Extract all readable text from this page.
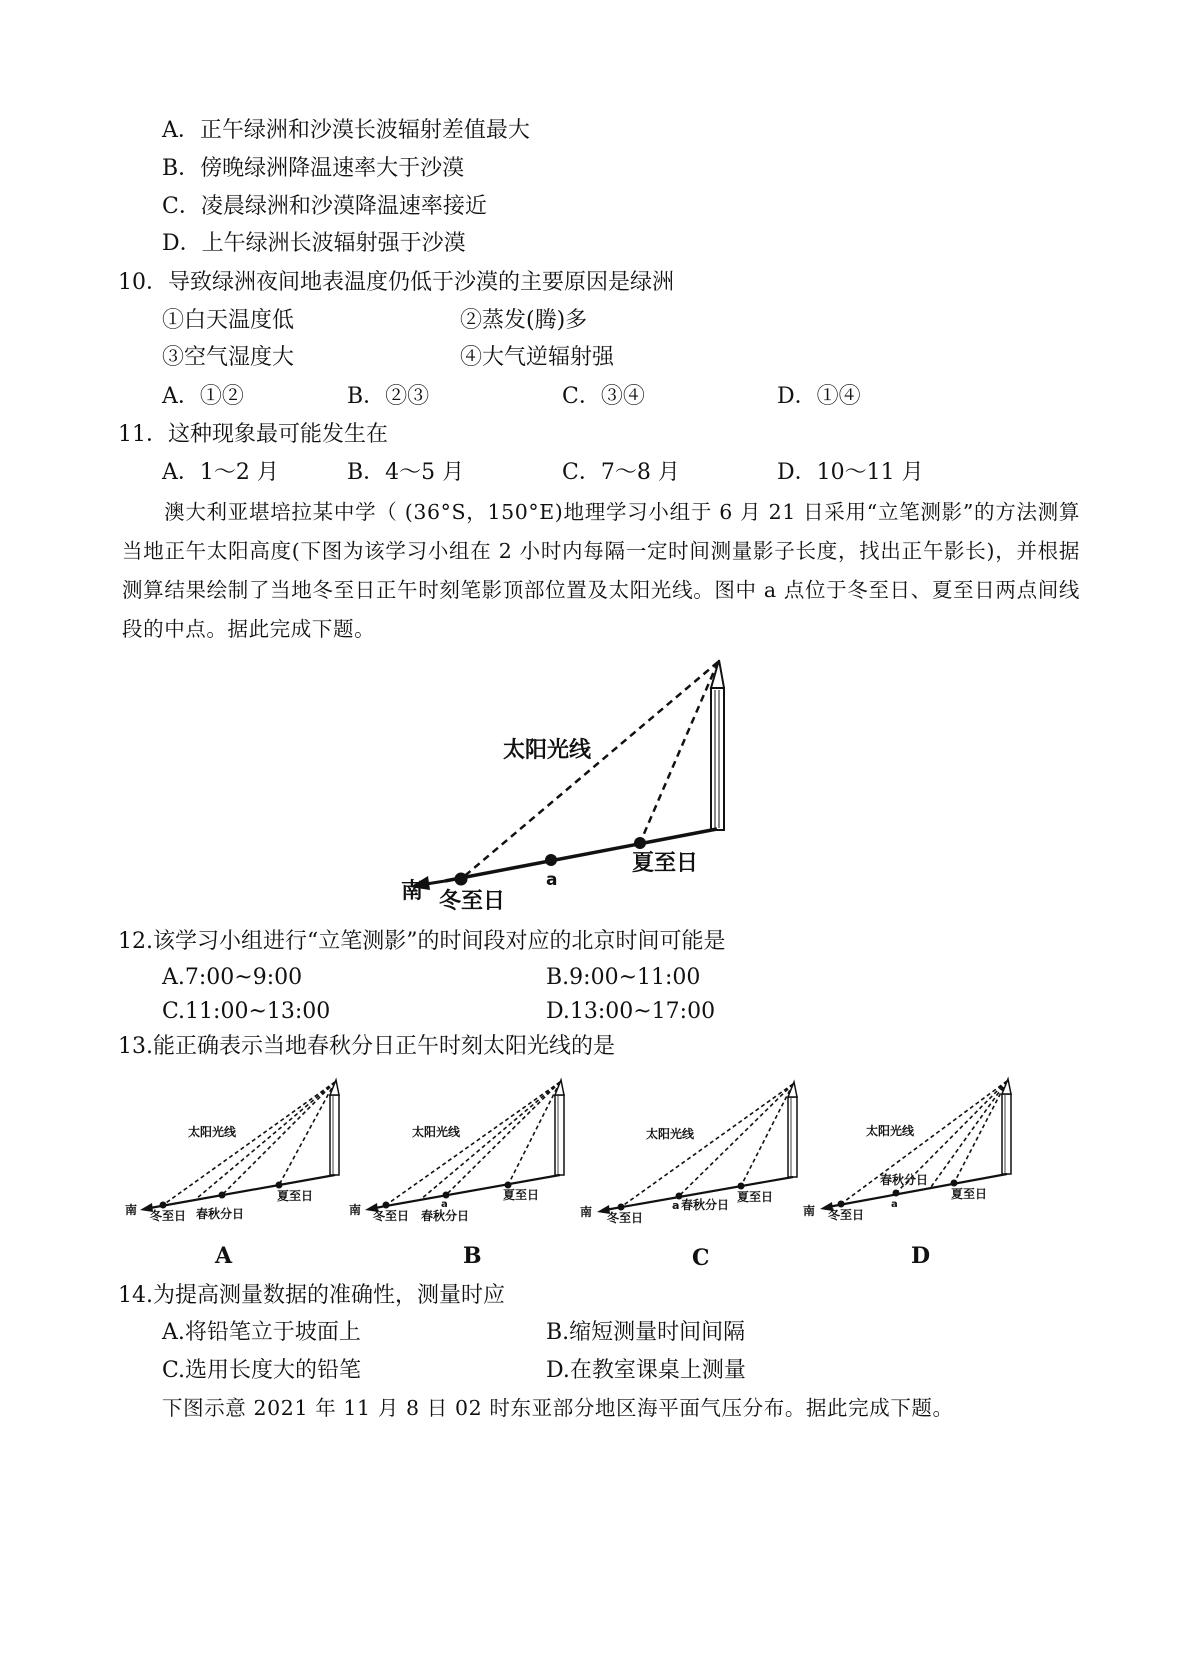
A．正午绿洲和沙漠长波辐射差值最大
B．傍晚绿洲降温速率大于沙漠
C．凌晨绿洲和沙漠降温速率接近
D．上午绿洲长波辐射强于沙漠
10．导致绿洲夜间地表温度仍低于沙漠的主要原因是绿洲
①白天温度低	②蒸发(腾)多
③空气湿度大	④大气逆辐射强
A．①②	B．②③	C．③④	D．①④
11．这种现象最可能发生在
A．1～2 月	B．4～5 月	C．7～8 月	D．10～11 月
澳大利亚堪培拉某中学（ (36°S，150°E)地理学习小组于 6 月 21 日采用“立笔测影”的方法测算当地正午太阳高度(下图为该学习小组在 2 小时内每隔一定时间测量影子长度，找出正午影长)，并根据测算结果绘制了当地冬至日正午时刻笔影顶部位置及太阳光线。图中 a 点位于冬至日、夏至日两点间线段的中点。据此完成下题。
太阳光线
南 冬至日
夏至日
a
12.该学习小组进行“立笔测影”的时间段对应的北京时间可能是
A.7:00~9:00	B.9:00~11:00
C.11:00~13:00	D.13:00~17:00
13.能正确表示当地春秋分日正午时刻太阳光线的是
太阳光线
南 冬至日 春秋分日
夏至日
A
太阳光线
南 冬至日
a
春秋分日
夏至日
B
太阳光线
南 冬至日
a 春秋分日
夏至日
C
太阳光线
春秋分日
南 冬至日
a
夏至日
D
14.为提高测量数据的准确性，测量时应
A.将铅笔立于坡面上	B.缩短测量时间间隔
C.选用长度大的铅笔	D.在教室课桌上测量
下图示意 2021 年 11 月 8 日 02 时东亚部分地区海平面气压分布。据此完成下题。
